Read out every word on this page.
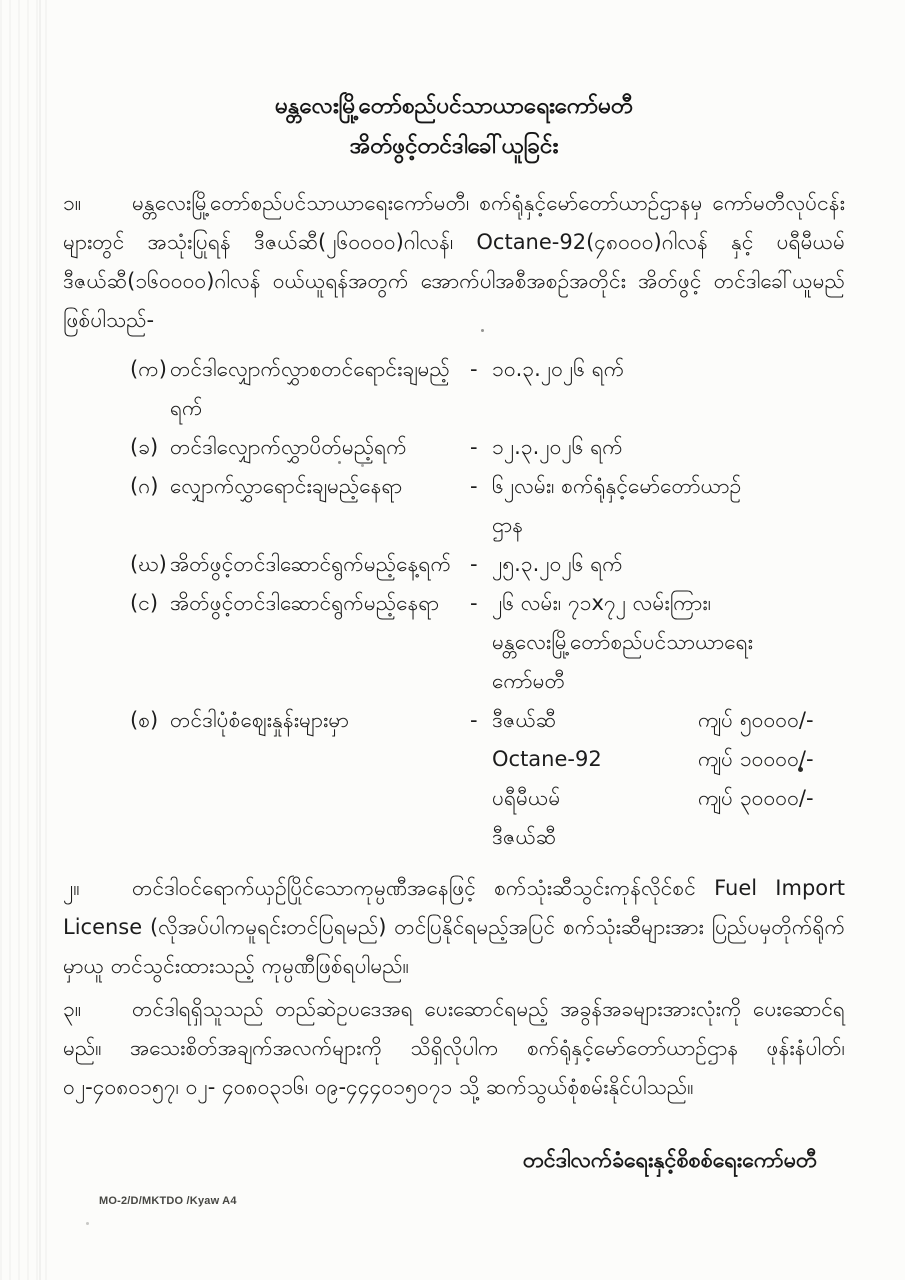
မန္တလေးမြို့တော်စည်ပင်သာယာရေးကော်မတီ
အိတ်ဖွင့်တင်ဒါခေါ်ယူခြင်း

၁။ မန္တလေးမြို့တော်စည်ပင်သာယာရေးကော်မတီ၊ စက်ရုံနှင့်မော်တော်ယာဉ်ဌာနမှ ကော်မတီလုပ်ငန်းများတွင် အသုံးပြုရန် ဒီဇယ်ဆီ(၂၆၀၀၀၀)ဂါလန်၊ Octane-92(၄၈၀၀၀)ဂါလန် နှင့် ပရီမီယမ်ဒီဇယ်ဆီ(၁၆၀၀၀၀)ဂါလန် ဝယ်ယူရန်အတွက် အောက်ပါအစီအစဉ်အတိုင်း အိတ်ဖွင့် တင်ဒါခေါ်ယူမည် ဖြစ်ပါသည်-

(က) တင်ဒါလျှောက်လွှာစတင်ရောင်းချမည့်ရက်
- ၁၀.၃.၂၀၂၆ ရက်
(ခ) တင်ဒါလျှောက်လွှာပိတ်မည့်ရက်	- ၁၂.၃.၂၀၂၆ ရက်
(ဂ) လျှောက်လွှာရောင်းချမည့်နေရာ	- ၆၂လမ်း၊ စက်ရုံနှင့်မော်တော်ယာဉ်
ဌာန
(ဃ) အိတ်ဖွင့်တင်ဒါဆောင်ရွက်မည့်နေ့ရက် - ၂၅.၃.၂၀၂၆ ရက်
(င) အိတ်ဖွင့်တင်ဒါဆောင်ရွက်မည့်နေရာ	- ၂၆ လမ်း၊ ၇၁x၇၂ လမ်းကြား၊
မန္တလေးမြို့တော်စည်ပင်သာယာရေး
ကော်မတီ
(စ) တင်ဒါပုံစံဈေးနှုန်းများမှာ	- ဒီဇယ်ဆီ	ကျပ် ၅၀၀၀၀/-
Octane-92	ကျပ် ၁၀၀၀၀/-
ပရီမီယမ်	ကျပ် ၃၀၀၀၀/-
ဒီဇယ်ဆီ

၂။ တင်ဒါဝင်ရောက်ယှဉ်ပြိုင်သောကုမ္ပဏီအနေဖြင့် စက်သုံးဆီသွင်းကုန်လိုင်စင် Fuel Import License (လိုအပ်ပါကမူရင်းတင်ပြရမည်) တင်ပြနိုင်ရမည့်အပြင် စက်သုံးဆီများအား ပြည်ပမှတိုက်ရိုက်မှာယူ တင်သွင်းထားသည့် ကုမ္ပဏီဖြစ်ရပါမည်။

၃။ တင်ဒါရရှိသူသည် တည်ဆဲဥပဒေအရ ပေးဆောင်ရမည့် အခွန်အခများအားလုံးကို ပေးဆောင်ရမည်။ အသေးစိတ်အချက်အလက်များကို သိရှိလိုပါက စက်ရုံနှင့်မော်တော်ယာဉ်ဌာန ဖုန်းနံပါတ်၊ ၀၂-၄၀၈၀၁၅၇၊ ၀၂- ၄၀၈၀၃၁၆၊ ၀၉-၄၄၄၀၁၅၀၇၁ သို့ ဆက်သွယ်စုံစမ်းနိုင်ပါသည်။

တင်ဒါလက်ခံရေးနှင့်စိစစ်ရေးကော်မတီ
MO-2/D/MKTDO /Kyaw A4
